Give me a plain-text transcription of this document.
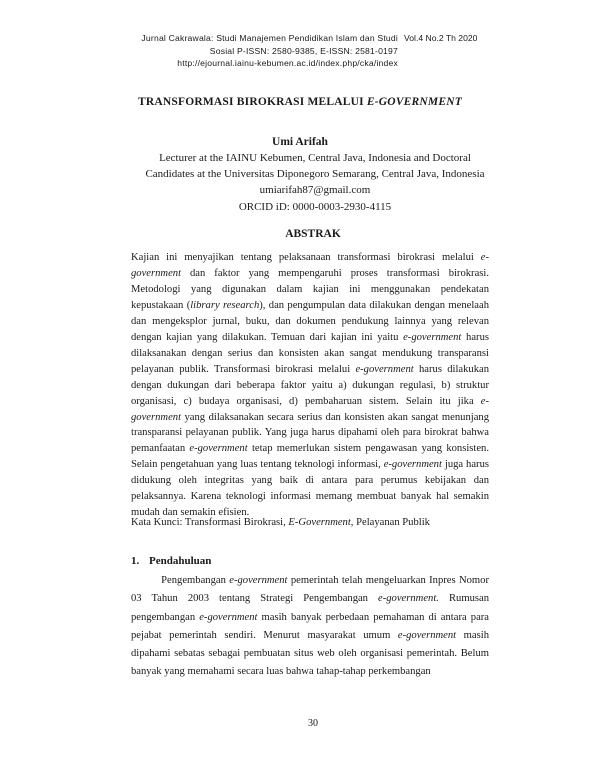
Jurnal Cakrawala: Studi Manajemen Pendidikan Islam dan Studi
Sosial P-ISSN: 2580-9385, E-ISSN: 2581-0197
http://ejournal.iainu-kebumen.ac.id/index.php/cka/index
Vol.4 No.2 Th 2020
TRANSFORMASI BIROKRASI MELALUI E-GOVERNMENT
Umi Arifah
Lecturer at the IAINU Kebumen, Central Java, Indonesia and Doctoral
Candidates at the Universitas Diponegoro Semarang, Central Java, Indonesia
umiarifah87@gmail.com
ORCID iD: 0000-0003-2930-4115
ABSTRAK
Kajian ini menyajikan tentang pelaksanaan transformasi birokrasi melalui e-government dan faktor yang mempengaruhi proses transformasi birokrasi. Metodologi yang digunakan dalam kajian ini menggunakan pendekatan kepustakaan (library research), dan pengumpulan data dilakukan dengan menelaah dan mengeksplor jurnal, buku, dan dokumen pendukung lainnya yang relevan dengan kajian yang dilakukan. Temuan dari kajian ini yaitu e-government harus dilaksanakan dengan serius dan konsisten akan sangat mendukung transparansi pelayanan publik. Transformasi birokrasi melalui e-government harus dilakukan dengan dukungan dari beberapa faktor yaitu a) dukungan regulasi, b) struktur organisasi, c) budaya organisasi, d) pembaharuan sistem. Selain itu jika e-government yang dilaksanakan secara serius dan konsisten akan sangat menunjang transparansi pelayanan publik. Yang juga harus dipahami oleh para birokrat bahwa pemanfaatan e-government tetap memerlukan sistem pengawasan yang konsisten. Selain pengetahuan yang luas tentang teknologi informasi, e-government juga harus didukung oleh integritas yang baik di antara para perumus kebijakan dan pelaksannya. Karena teknologi informasi memang membuat banyak hal semakin mudah dan semakin efisien.
Kata Kunci: Transformasi Birokrasi, E-Government, Pelayanan Publik
1. Pendahuluan
Pengembangan e-government pemerintah telah mengeluarkan Inpres Nomor 03 Tahun 2003 tentang Strategi Pengembangan e-government. Rumusan pengembangan e-government masih banyak perbedaan pemahaman di antara para pejabat pemerintah sendiri. Menurut masyarakat umum e-government masih dipahami sebatas sebagai pembuatan situs web oleh organisasi pemerintah. Belum banyak yang memahami secara luas bahwa tahap-tahap perkembangan
30
